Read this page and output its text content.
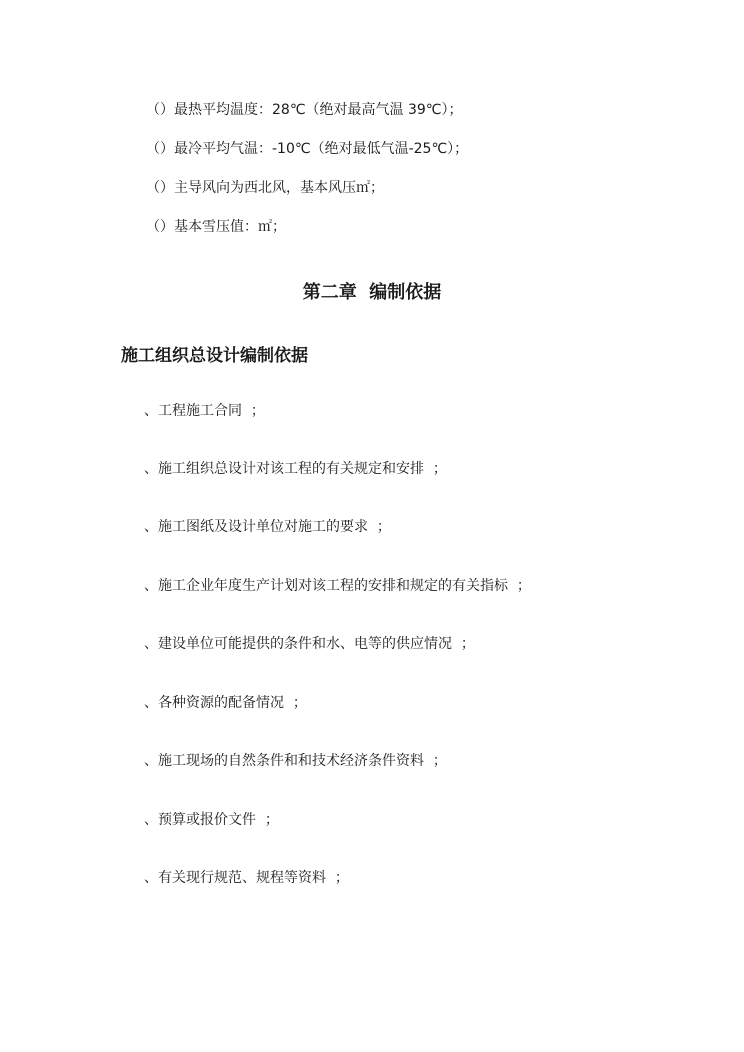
（）最热平均温度：28℃（绝对最高气温 39℃）；
（）最冷平均气温：-10℃（绝对最低气温-25℃）；
（）主导风向为西北风，基本风压㎡；
（）基本雪压值：㎡；
第二章  编制依据
施工组织总设计编制依据
、工程施工合同  ；
、施工组织总设计对该工程的有关规定和安排  ；
、施工图纸及设计单位对施工的要求  ；
、施工企业年度生产计划对该工程的安排和规定的有关指标  ；
、建设单位可能提供的条件和水、电等的供应情况  ；
、各种资源的配备情况  ；
、施工现场的自然条件和和技术经济条件资料  ；
、预算或报价文件  ；
、有关现行规范、规程等资料  ；
